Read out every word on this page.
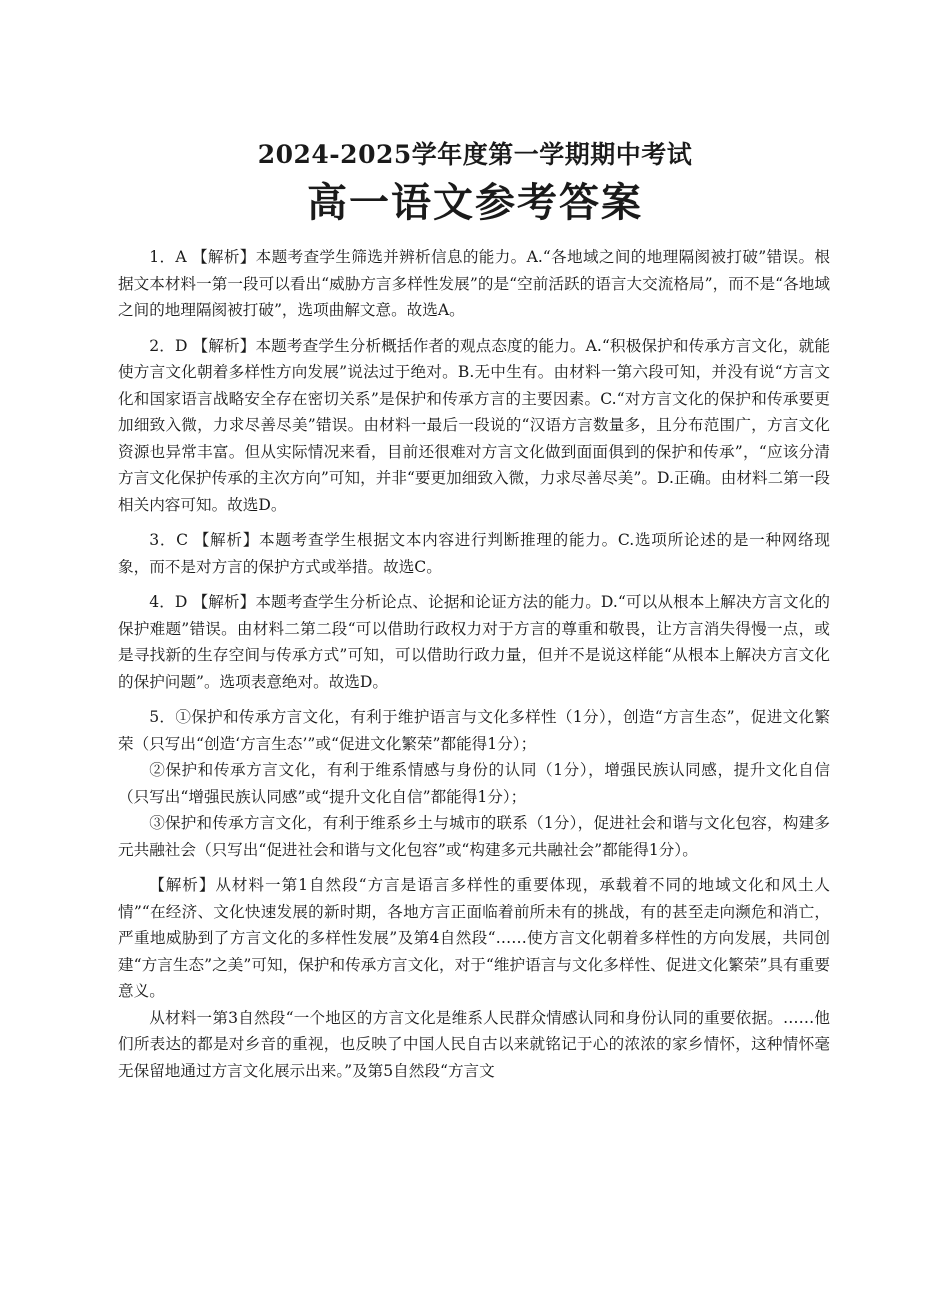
2024-2025学年度第一学期期中考试
高一语文参考答案

1．A 【解析】本题考查学生筛选并辨析信息的能力。A.“各地域之间的地理隔阂被打破”错误。根据文本材料一第一段可以看出“威胁方言多样性发展”的是“空前活跃的语言大交流格局”，而不是“各地域之间的地理隔阂被打破”，选项曲解文意。故选A。

2．D 【解析】本题考查学生分析概括作者的观点态度的能力。A.“积极保护和传承方言文化，就能使方言文化朝着多样性方向发展”说法过于绝对。B.无中生有。由材料一第六段可知，并没有说“方言文化和国家语言战略安全存在密切关系”是保护和传承方言的主要因素。C.“对方言文化的保护和传承要更加细致入微，力求尽善尽美”错误。由材料一最后一段说的“汉语方言数量多，且分布范围广，方言文化资源也异常丰富。但从实际情况来看，目前还很难对方言文化做到面面俱到的保护和传承”，“应该分清方言文化保护传承的主次方向”可知，并非“要更加细致入微，力求尽善尽美”。D.正确。由材料二第一段相关内容可知。故选D。

3．C 【解析】本题考查学生根据文本内容进行判断推理的能力。C.选项所论述的是一种网络现象，而不是对方言的保护方式或举措。故选C。

4．D 【解析】本题考查学生分析论点、论据和论证方法的能力。D.“可以从根本上解决方言文化的保护难题”错误。由材料二第二段“可以借助行政权力对于方言的尊重和敬畏，让方言消失得慢一点，或是寻找新的生存空间与传承方式”可知，可以借助行政力量，但并不是说这样能“从根本上解决方言文化的保护问题”。选项表意绝对。故选D。

5．①保护和传承方言文化，有利于维护语言与文化多样性（1分），创造“方言生态”，促进文化繁荣（只写出“创造‘方言生态’”或“促进文化繁荣”都能得1分）；

②保护和传承方言文化，有利于维系情感与身份的认同（1分），增强民族认同感，提升文化自信（只写出“增强民族认同感”或“提升文化自信”都能得1分）；

③保护和传承方言文化，有利于维系乡土与城市的联系（1分），促进社会和谐与文化包容，构建多元共融社会（只写出“促进社会和谐与文化包容”或“构建多元共融社会”都能得1分）。

【解析】从材料一第1自然段“方言是语言多样性的重要体现，承载着不同的地域文化和风土人情”“在经济、文化快速发展的新时期，各地方言正面临着前所未有的挑战，有的甚至走向濒危和消亡，严重地威胁到了方言文化的多样性发展”及第4自然段“……使方言文化朝着多样性的方向发展，共同创建“方言生态”之美”可知，保护和传承方言文化，对于“维护语言与文化多样性、促进文化繁荣”具有重要意义。

从材料一第3自然段“一个地区的方言文化是维系人民群众情感认同和身份认同的重要依据。……他们所表达的都是对乡音的重视，也反映了中国人民自古以来就铭记于心的浓浓的家乡情怀，这种情怀毫无保留地通过方言文化展示出来。”及第5自然段“方言文
